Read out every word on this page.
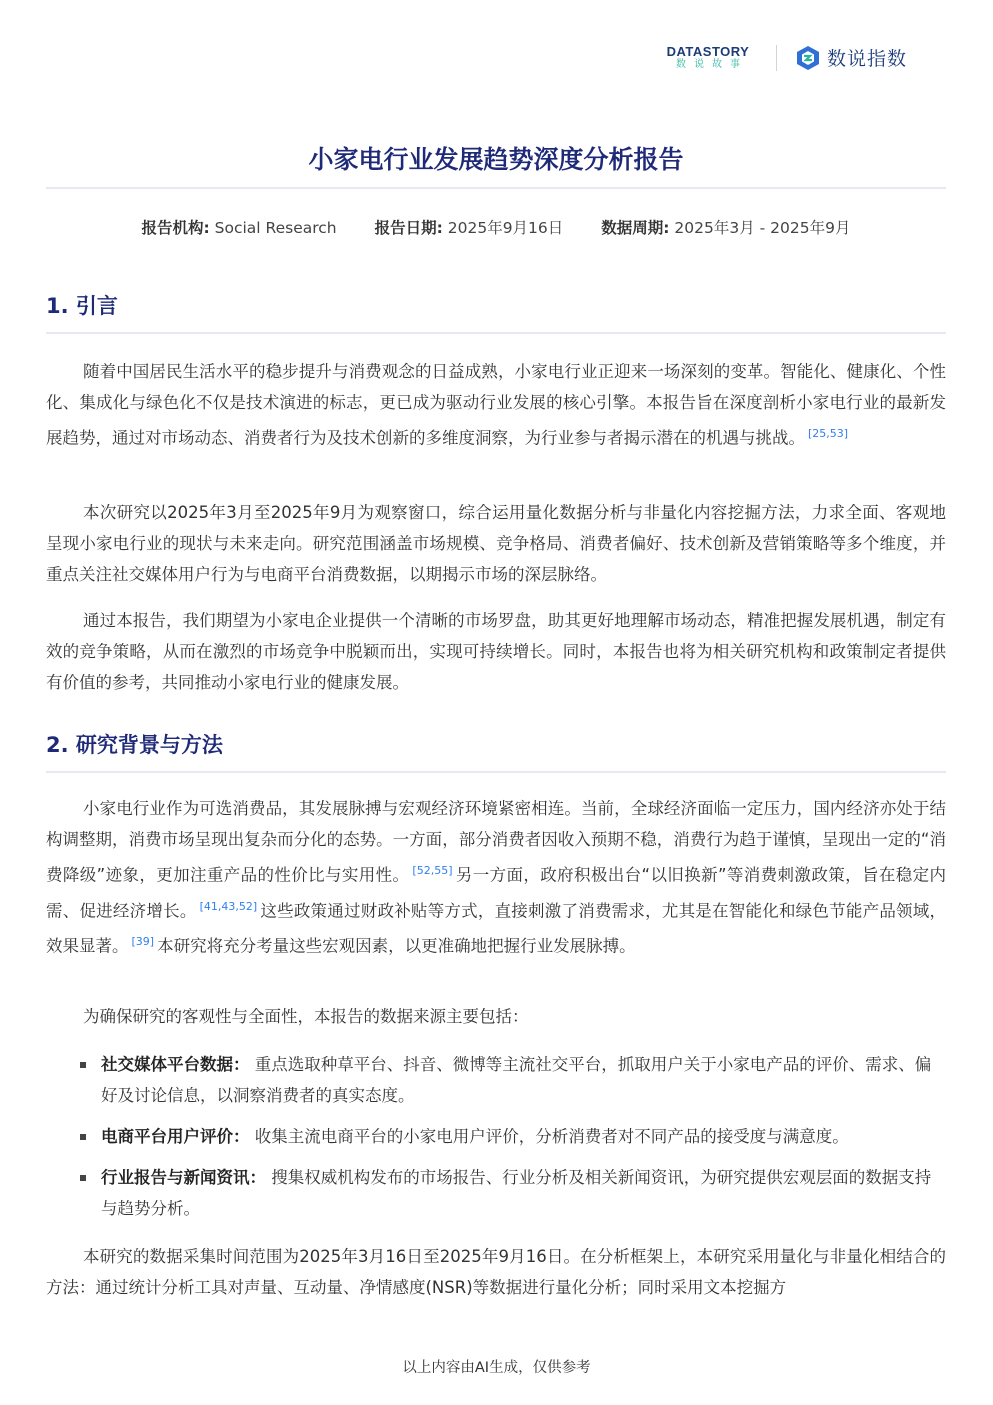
DATASTORY
数说故事	数说指数
小家电行业发展趋势深度分析报告
报告机构: Social Research 报告日期: 2025年9月16日 数据周期: 2025年3月 - 2025年9月
1. 引言

随着中国居民生活水平的稳步提升与消费观念的日益成熟，小家电行业正迎来一场深刻的变革。智能化、健康化、个性化、集成化与绿色化不仅是技术演进的标志，更已成为驱动行业发展的核心引擎。本报告旨在深度剖析小家电行业的最新发展趋势，通过对市场动态、消费者行为及技术创新的多维度洞察，为行业参与者揭示潜在的机遇与挑战。 [25,53]

本次研究以2025年3月至2025年9月为观察窗口，综合运用量化数据分析与非量化内容挖掘方法，力求全面、客观地呈现小家电行业的现状与未来走向。研究范围涵盖市场规模、竞争格局、消费者偏好、技术创新及营销策略等多个维度，并重点关注社交媒体用户行为与电商平台消费数据，以期揭示市场的深层脉络。

通过本报告，我们期望为小家电企业提供一个清晰的市场罗盘，助其更好地理解市场动态，精准把握发展机遇，制定有效的竞争策略，从而在激烈的市场竞争中脱颖而出，实现可持续增长。同时，本报告也将为相关研究机构和政策制定者提供有价值的参考，共同推动小家电行业的健康发展。

2. 研究背景与方法

小家电行业作为可选消费品，其发展脉搏与宏观经济环境紧密相连。当前，全球经济面临一定压力，国内经济亦处于结构调整期，消费市场呈现出复杂而分化的态势。一方面，部分消费者因收入预期不稳，消费行为趋于谨慎，呈现出一定的“消费降级”迹象，更加注重产品的性价比与实用性。 [52,55] 另一方面，政府积极出台“以旧换新”等消费刺激政策，旨在稳定内需、促进经济增长。 [41,43,52] 这些政策通过财政补贴等方式，直接刺激了消费需求，尤其是在智能化和绿色节能产品领域，效果显著。 [39] 本研究将充分考量这些宏观因素，以更准确地把握行业发展脉搏。

为确保研究的客观性与全面性，本报告的数据来源主要包括：

社交媒体平台数据： 重点选取种草平台、抖音、微博等主流社交平台，抓取用户关于小家电产品的评价、需求、偏好及讨论信息，以洞察消费者的真实态度。
电商平台用户评价： 收集主流电商平台的小家电用户评价，分析消费者对不同产品的接受度与满意度。
行业报告与新闻资讯： 搜集权威机构发布的市场报告、行业分析及相关新闻资讯，为研究提供宏观层面的数据支持与趋势分析。

本研究的数据采集时间范围为2025年3月16日至2025年9月16日。在分析框架上，本研究采用量化与非量化相结合的方法：通过统计分析工具对声量、互动量、净情感度(NSR)等数据进行量化分析；同时采用文本挖掘方

以上内容由AI生成，仅供参考
